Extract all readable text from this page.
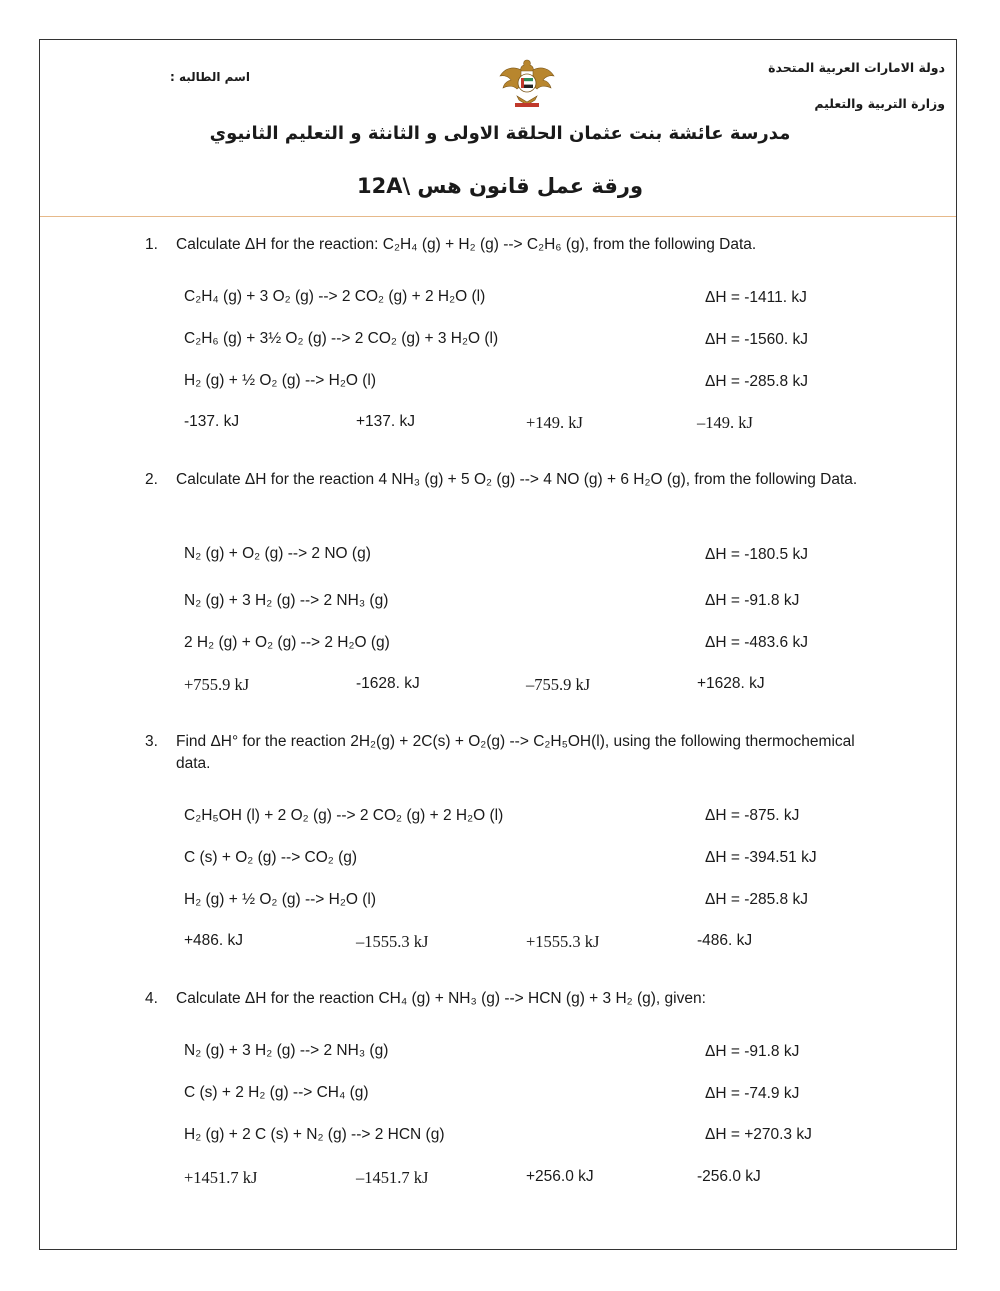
دولة الامارات العربية المتحدة
وزارة التربية والتعليم
اسم الطالبه :
مدرسة عائشة بنت عثمان الحلقة الاولى و الثانثة و التعليم الثانيوي
ورقة عمل قانون هس \12A
1. Calculate ΔH for the reaction: C₂H₄ (g) + H₂ (g) --> C₂H₆ (g), from the following Data.
C₂H₄ (g) + 3 O₂ (g) --> 2 CO₂ (g) + 2 H₂O (l)	ΔH = -1411. kJ
C₂H₆ (g) + 3½ O₂ (g) --> 2 CO₂ (g) + 3 H₂O (l)	ΔH = -1560. kJ
H₂ (g) + ½ O₂ (g) --> H₂O (l)	ΔH = -285.8 kJ
-137. kJ	+137. kJ	+149. kJ	–149. kJ
2. Calculate ΔH for the reaction 4 NH₃ (g) + 5 O₂ (g) --> 4 NO (g) + 6 H₂O (g), from the following Data.
N₂ (g) + O₂ (g) --> 2 NO (g)	ΔH = -180.5 kJ
N₂ (g) + 3 H₂ (g) --> 2 NH₃ (g)	ΔH = -91.8 kJ
2 H₂ (g) + O₂ (g) --> 2 H₂O (g)	ΔH = -483.6 kJ
+755.9 kJ	-1628. kJ	–755.9 kJ	+1628. kJ
3. Find ΔH° for the reaction 2H₂(g) + 2C(s) + O₂(g) --> C₂H₅OH(l), using the following thermochemical data.
C₂H₅OH (l) + 2 O₂ (g) --> 2 CO₂ (g) + 2 H₂O (l)	ΔH = -875. kJ
C (s) + O₂ (g) --> CO₂ (g)	ΔH = -394.51 kJ
H₂ (g) + ½ O₂ (g) --> H₂O (l)	ΔH = -285.8 kJ
+486. kJ	–1555.3 kJ	+1555.3 kJ	-486. kJ
4. Calculate ΔH for the reaction CH₄ (g) + NH₃ (g) --> HCN (g) + 3 H₂ (g), given:
N₂ (g) + 3 H₂ (g) --> 2 NH₃ (g)	ΔH = -91.8 kJ
C (s) + 2 H₂ (g) --> CH₄ (g)	ΔH = -74.9 kJ
H₂ (g) + 2 C (s) + N₂ (g) --> 2 HCN (g)	ΔH = +270.3 kJ
+1451.7 kJ	–1451.7 kJ	+256.0 kJ	-256.0 kJ
